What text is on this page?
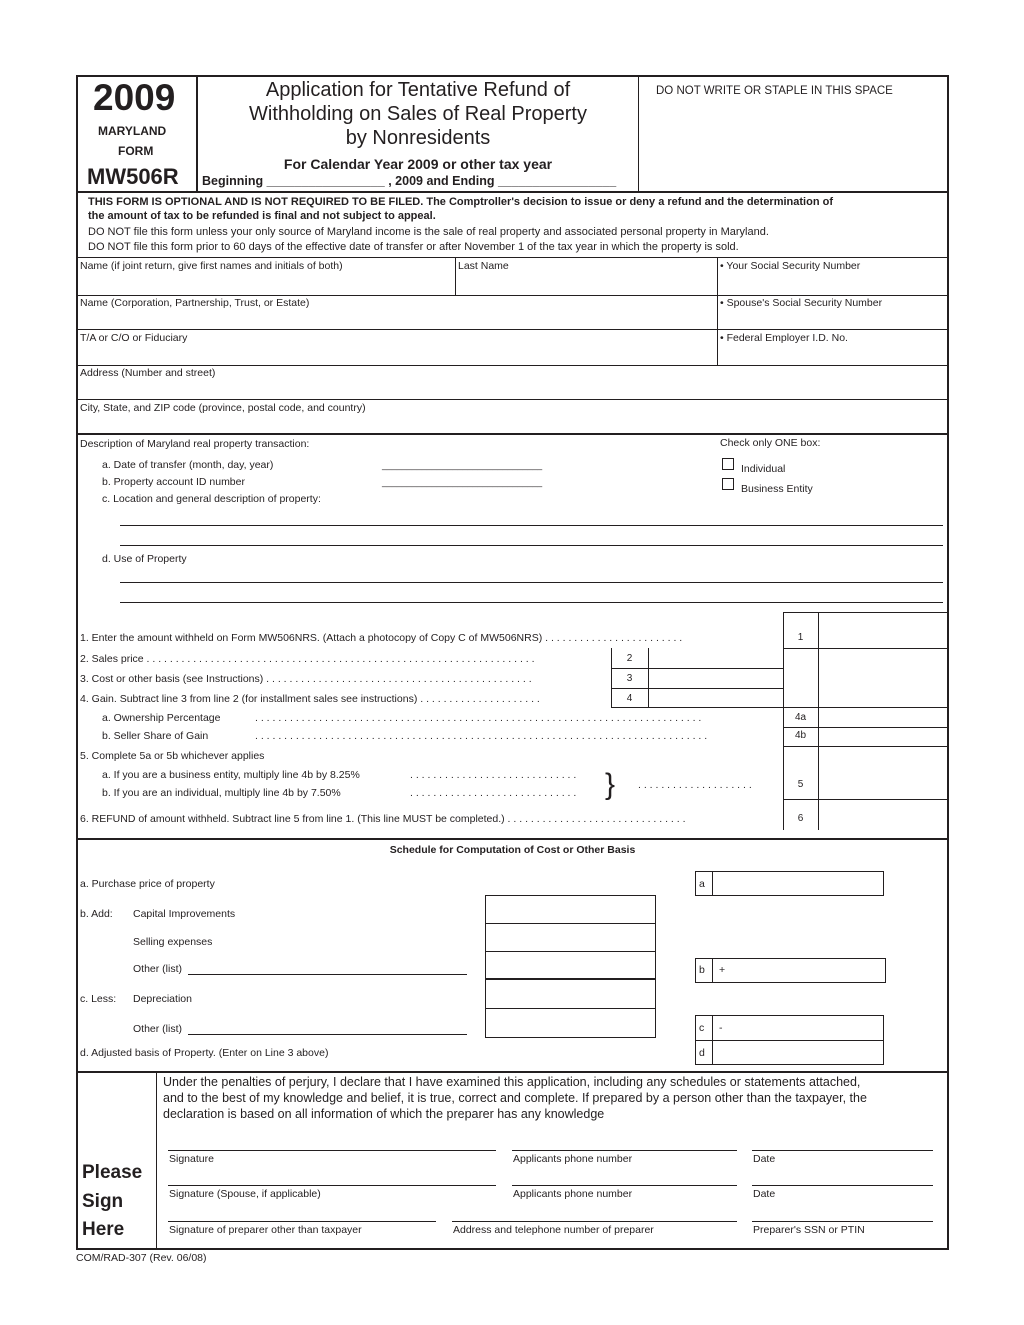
2009
MARYLAND
FORM
MW506R
Application for Tentative Refund of
Withholding on Sales of Real Property
by Nonresidents
For Calendar Year 2009 or other tax year
Beginning _________________ , 2009 and Ending _________________
DO NOT WRITE OR STAPLE IN THIS SPACE
THIS FORM IS OPTIONAL AND IS NOT REQUIRED TO BE FILED. The Comptroller's decision to issue or deny a refund and the determination of
the amount of tax to be refunded is final and not subject to appeal.
DO NOT file this form unless your only source of Maryland income is the sale of real property and associated personal property in Maryland.
DO NOT file this form prior to 60 days of the effective date of transfer or after November 1 of the tax year in which the property is sold.
Name (if joint return, give first names and initials of both)	Last Name	• Your Social Security Number
Name (Corporation, Partnership, Trust, or Estate)	• Spouse's Social Security Number
T/A or C/O or Fiduciary	• Federal Employer I.D. No.
Address (Number and street)
City, State, and ZIP code (province, postal code, and country)
Description of Maryland real property transaction:
a. Date of transfer (month, day, year)	________________________________
b. Property account ID number	________________________________
c. Location and general description of property:
d. Use of Property
Check only ONE box:
Individual
Business Entity
1. Enter the amount withheld on Form MW506NRS. (Attach a photocopy of Copy C of MW506NRS) . . . . . . . . . . . . . . . . . . . . . . . .	1
2. Sales price . . . . . . . . . . . . . . . . . . . . . . . . . . . . . . . . . . . . . . . . . . . . . . . . . . . . . . . . . . . . . . . . . . .	2
3. Cost or other basis (see Instructions) . . . . . . . . . . . . . . . . . . . . . . . . . . . . . . . . . . . . . . . . . . . . . .	3
4. Gain. Subtract line 3 from line 2 (for installment sales see instructions) . . . . . . . . . . . . . . . . . . . . .	4
a. Ownership Percentage	. . . . . . . . . . . . . . . . . . . . . . . . . . . . . . . . . . . . . . . . . . . . . . . . . . . . . . . . . . . . . . . . . . . . . . . . . . . . .	4a
b. Seller Share of Gain	. . . . . . . . . . . . . . . . . . . . . . . . . . . . . . . . . . . . . . . . . . . . . . . . . . . . . . . . . . . . . . . . . . . . . . . . . . . . . .	4b
5. Complete 5a or 5b whichever applies
a. If you are a business entity, multiply line 4b by 8.25%	. . . . . . . . . . . . . . . . . . . . . . . . . . . . .
b. If you are an individual, multiply line 4b by 7.50%	. . . . . . . . . . . . . . . . . . . . . . . . . . . . . } . . . . . . . . . . . . . . . . . . . .	5
6. REFUND of amount withheld. Subtract line 5 from line 1. (This line MUST be completed.) . . . . . . . . . . . . . . . . . . . . . . . . . . . . . . .	6
Schedule for Computation of Cost or Other Basis
a. Purchase price of property	a
b. Add: Capital Improvements
Selling expenses
Other (list)	b +
c. Less: Depreciation
Other (list)	c -
d
d. Adjusted basis of Property. (Enter on Line 3 above)
Under the penalties of perjury, I declare that I have examined this application, including any schedules or statements attached,
and to the best of my knowledge and belief, it is true, correct and complete. If prepared by a person other than the taxpayer, the
declaration is based on all information of which the preparer has any knowledge
Please
Sign
Here
Signature	Applicants phone number	Date
Signature (Spouse, if applicable)	Applicants phone number	Date
Signature of preparer other than taxpayer	Address and telephone number of preparer	Preparer's SSN or PTIN
COM/RAD-307 (Rev. 06/08)
